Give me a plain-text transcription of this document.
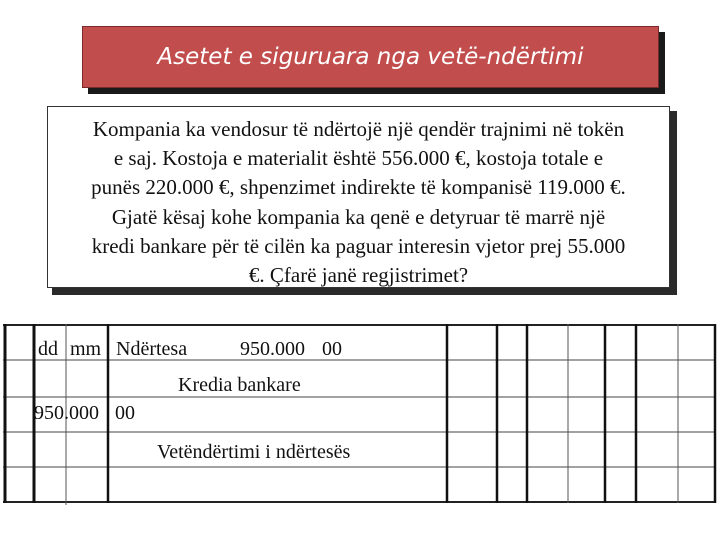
Asetet e siguruara nga vetë-ndërtimi
Kompania ka vendosur të ndërtojë një qendër trajnimi në tokën
e saj. Kostoja e materialit është 556.000 €, kostoja totale e
punës 220.000 €, shpenzimet indirekte të kompanisë 119.000 €.
Gjatë kësaj kohe kompania ka qenë e detyruar të marrë një
kredi bankare për të cilën ka paguar interesin vjetor prej 55.000
€. Çfarë janë regjistrimet?
dd mm Ndërtesa	950.000 00
Kredia bankare
950.000 00
Vetëndërtimi i ndërtesës
